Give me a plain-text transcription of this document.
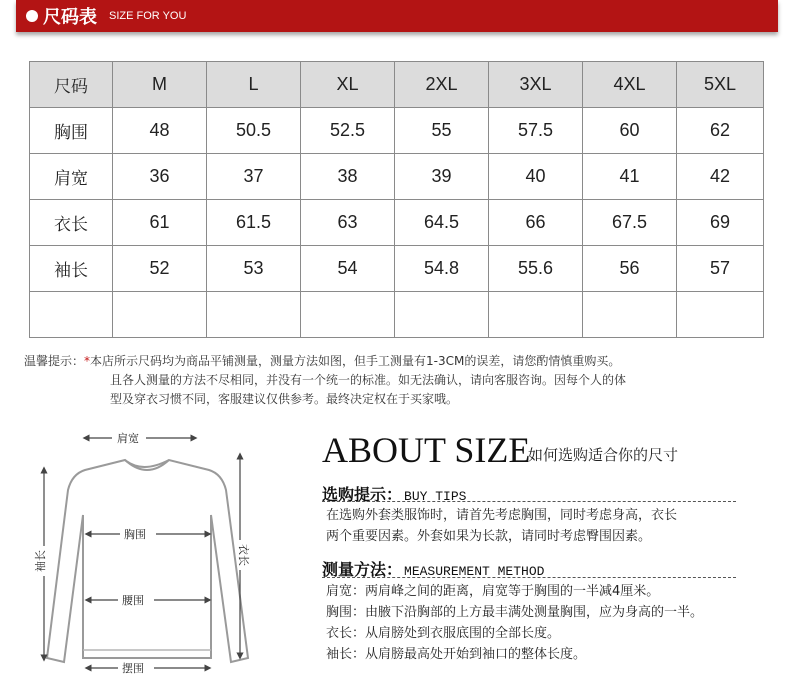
尺码表 SIZE FOR YOU
尺码	M	L	XL	2XL	3XL	4XL	5XL
胸围	48	50.5	52.5	55	57.5	60	62
肩宽	36	37	38	39	40	41	42
衣长	61	61.5	63	64.5	66	67.5	69
袖长	52	53	54	54.8	55.6	56	57

温馨提示：*本店所示尺码均为商品平铺测量，测量方法如图，但手工测量有1-3CM的误差，请您酌情慎重购买。
且各人测量的方法不尽相同，并没有一个统一的标准。如无法确认，请向客服咨询。因每个人的体
型及穿衣习惯不同，客服建议仅供参考。最终决定权在于买家哦。
肩宽
胸围
腰围
摆围
袖长	衣长
ABOUT SIZE
如何选购适合你的尺寸
选购提示： BUY TIPS
在选购外套类服饰时，请首先考虑胸围，同时考虑身高，衣长
两个重要因素。外套如果为长款，请同时考虑臀围因素。
测量方法： MEASUREMENT METHOD
肩宽：两肩峰之间的距离，肩宽等于胸围的一半减4厘米。
胸围：由腋下沿胸部的上方最丰满处测量胸围，应为身高的一半。
衣长：从肩膀处到衣服底围的全部长度。
袖长：从肩膀最高处开始到袖口的整体长度。
